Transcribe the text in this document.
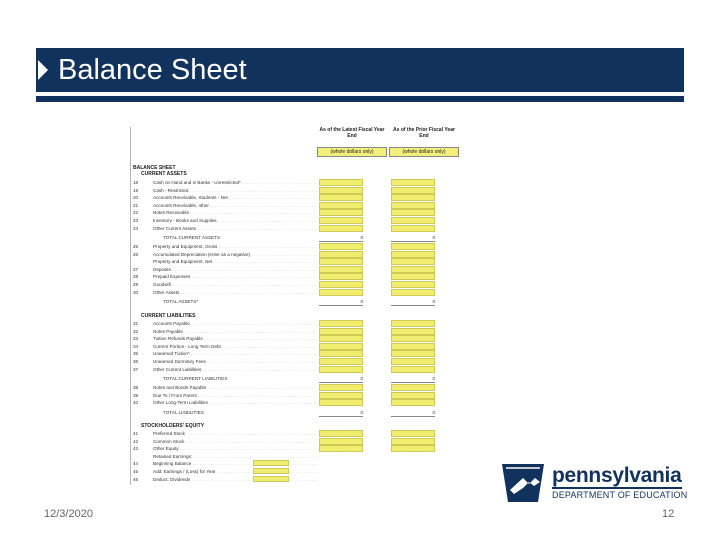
Balance Sheet
As of the Latest Fiscal Year End
(whole dollars only)
As of the Prior Fiscal Year End
(whole dollars only)
BALANCE SHEET
CURRENT ASSETS
18	Cash on Hand and in Banks - Unrestricted* . . .
19	Cash - Restricted . . .
20	Accounts Receivable, Students - Net . . .
21	Accounts Receivable, other . . .
22	Notes Receivable . . .
23	Inventory - Books and Supplies . . .
24	Other Current Assets . . .
TOTAL CURRENT ASSETS	0	0
25	Property and Equipment, Gross . . .
26	Accumulated Depreciation (enter as a negative) . . .
Property and Equipment, Net . . .
27	Deposits . . .
28	Prepaid Expenses . . .
29	Goodwill . . .
30	Other Assets . . .
TOTAL ASSETS*	0	0
CURRENT LIABILITIES
31	Accounts Payable . . .
32	Notes Payable . . .
33	Tuition Refunds Payable . . .
34	Current Portion - Long Term Debt . . .
35	Unearned Tuition* . . .
36	Unearned Dormitory Fees . . .
37	Other Current Liabilities . . .
TOTAL CURRENT LIABILITIES	0	0
38	Notes and Bonds Payable . . .
39	Due To / From Parent . . .
40	Other Long-Term Liabilities . . .
TOTAL LIABILITIES	0	0
STOCKHOLDERS' EQUITY
41	Preferred Stock . . .
42	Common Stock . . .
43	Other Equity . . .
Retained Earnings: . . .
44	Beginning Balance . . .
45	Add: Earnings / (Loss) for Year . . .
46	Deduct: Dividends . . .
12/3/2020	12
pennsylvania
DEPARTMENT OF EDUCATION
